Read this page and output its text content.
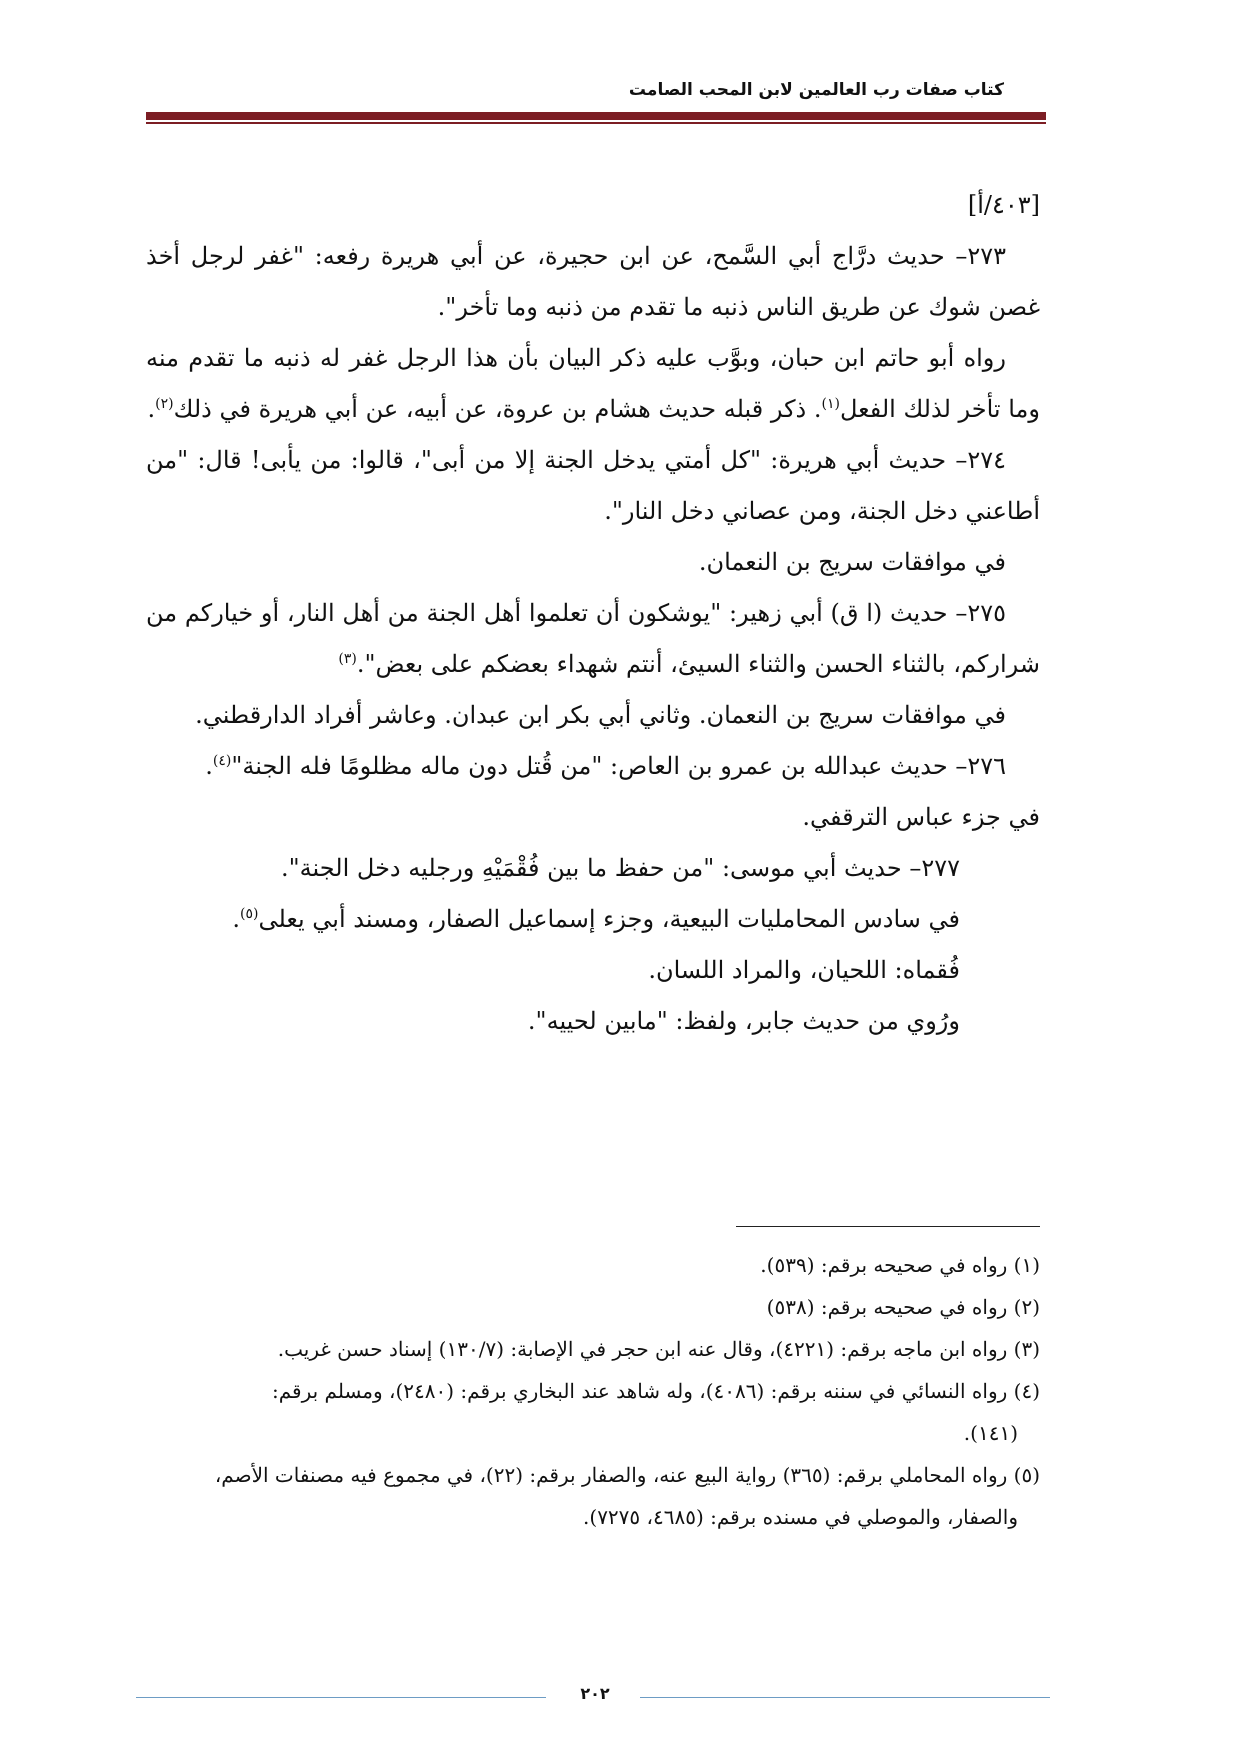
كتاب صفات رب العالمين لابن المحب الصامت

[٤٠٣/أ]

٢٧٣– حديث درَّاج أبي السَّمح، عن ابن حجيرة، عن أبي هريرة رفعه: "غفر لرجل أخذ غصن شوك عن طريق الناس ذنبه ما تقدم من ذنبه وما تأخر".

رواه أبو حاتم ابن حبان، وبوَّب عليه ذكر البيان بأن هذا الرجل غفر له ذنبه ما تقدم منه وما تأخر لذلك الفعل$^{(١)}$. ذكر قبله حديث هشام بن عروة، عن أبيه، عن أبي هريرة في ذلك$^{(٢)}$.

٢٧٤– حديث أبي هريرة: "كل أمتي يدخل الجنة إلا من أبى"، قالوا: من يأبى! قال: "من أطاعني دخل الجنة، ومن عصاني دخل النار".

في موافقات سريج بن النعمان.

٢٧٥– حديث (ا ق) أبي زهير: "يوشكون أن تعلموا أهل الجنة من أهل النار، أو خياركم من شراركم، بالثناء الحسن والثناء السيئ، أنتم شهداء بعضكم على بعض".$^{(٣)}$

في موافقات سريج بن النعمان. وثاني أبي بكر ابن عبدان. وعاشر أفراد الدارقطني.

٢٧٦– حديث عبدالله بن عمرو بن العاص: "من قُتل دون ماله مظلومًا فله الجنة"$^{(٤)}$.

في جزء عباس الترقفي.

٢٧٧– حديث أبي موسى: "من حفظ ما بين فُقْمَيْهِ ورجليه دخل الجنة".

في سادس المحامليات البيعية، وجزء إسماعيل الصفار، ومسند أبي يعلى$^{(٥)}$.

فُقماه: اللحيان، والمراد اللسان.

ورُوي من حديث جابر، ولفظ: "مابين لحييه".

(١) رواه في صحيحه برقم: (٥٣٩).

(٢) رواه في صحيحه برقم: (٥٣٨)

(٣) رواه ابن ماجه برقم: (٤٢٢١)، وقال عنه ابن حجر في الإصابة: (١٣٠/٧) إسناد حسن غريب.

(٤) رواه النسائي في سننه برقم: (٤٠٨٦)، وله شاهد عند البخاري برقم: (٢٤٨٠)، ومسلم برقم:

(١٤١).

(٥) رواه المحاملي برقم: (٣٦٥) رواية البيع عنه، والصفار برقم: (٢٢)، في مجموع فيه مصنفات الأصم،

والصفار، والموصلي في مسنده برقم: (٤٦٨٥، ٧٢٧٥).

٢٠٢
